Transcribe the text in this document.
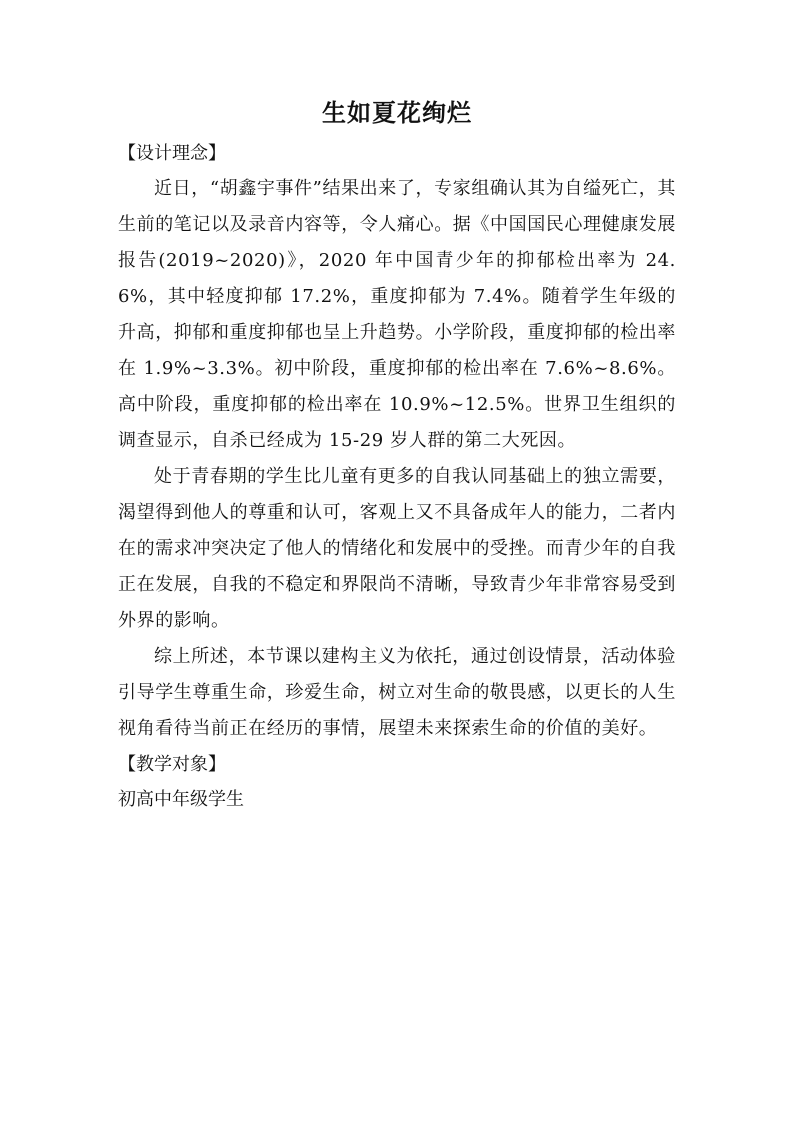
生如夏花绚烂

【设计理念】

近日，“胡鑫宇事件”结果出来了，专家组确认其为自缢死亡，其生前的笔记以及录音内容等，令人痛心。据《中国国民心理健康发展报告(2019~2020)》，2020 年中国青少年的抑郁检出率为 24.6%，其中轻度抑郁 17.2%，重度抑郁为 7.4%。随着学生年级的升高，抑郁和重度抑郁也呈上升趋势。小学阶段，重度抑郁的检出率在 1.9%~3.3%。初中阶段，重度抑郁的检出率在 7.6%~8.6%。高中阶段，重度抑郁的检出率在 10.9%~12.5%。世界卫生组织的调查显示，自杀已经成为 15-29 岁人群的第二大死因。

处于青春期的学生比儿童有更多的自我认同基础上的独立需要，渴望得到他人的尊重和认可，客观上又不具备成年人的能力，二者内在的需求冲突决定了他人的情绪化和发展中的受挫。而青少年的自我正在发展，自我的不稳定和界限尚不清晰，导致青少年非常容易受到外界的影响。

综上所述，本节课以建构主义为依托，通过创设情景，活动体验引导学生尊重生命，珍爱生命，树立对生命的敬畏感，以更长的人生视角看待当前正在经历的事情，展望未来探索生命的价值的美好。

【教学对象】

初高中年级学生
